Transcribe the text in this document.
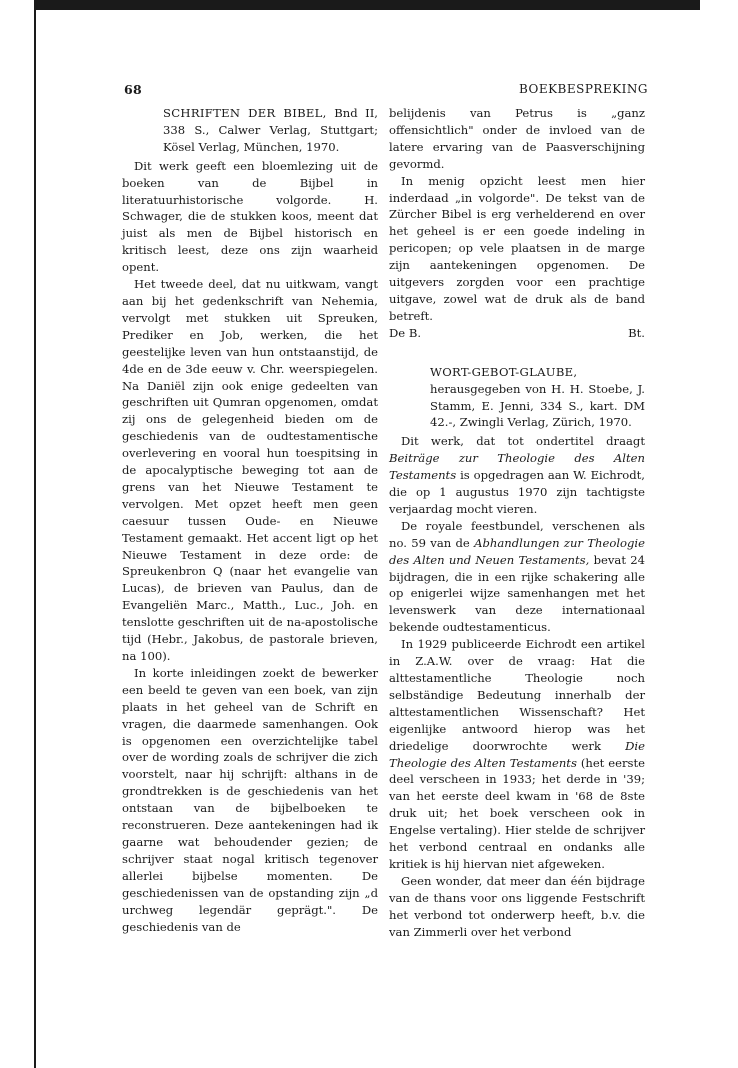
68	BOEKBESPREKING
SCHRIFTEN DER BIBEL, Bnd II, 338 S., Calwer Verlag, Stuttgart; Kösel Verlag, München, 1970.

Dit werk geeft een bloemlezing uit de boeken van de Bijbel in literatuurhistorische volgorde. H. Schwager, die de stukken koos, meent dat juist als men de Bijbel historisch en kritisch leest, deze ons zijn waarheid opent.

Het tweede deel, dat nu uitkwam, vangt aan bij het gedenkschrift van Nehemia, vervolgt met stukken uit Spreuken, Prediker en Job, werken, die het geestelijke leven van hun ontstaanstijd, de 4de en de 3de eeuw v. Chr. weerspiegelen. Na Daniël zijn ook enige gedeelten van geschriften uit Qumran opgenomen, omdat zij ons de gelegenheid bieden om de geschiedenis van de oudtestamentische overlevering en vooral hun toespitsing in de apocalyptische beweging tot aan de grens van het Nieuwe Testament te vervolgen. Met opzet heeft men geen caesuur tussen Oude- en Nieuwe Testament gemaakt. Het accent ligt op het Nieuwe Testament in deze orde: de Spreukenbron Q (naar het evangelie van Lucas), de brieven van Paulus, dan de Evangeliën Marc., Matth., Luc., Joh. en tenslotte geschriften uit de na-apostolische tijd (Hebr., Jakobus, de pastorale brieven, na 100).

In korte inleidingen zoekt de bewerker een beeld te geven van een boek, van zijn plaats in het geheel van de Schrift en vragen, die daarmede samenhangen. Ook is opgenomen een overzichtelijke tabel over de wording zoals de schrijver die zich voorstelt, naar hij schrijft: althans in de grondtrekken is de geschiedenis van het ontstaan van de bijbelboeken te reconstrueren. Deze aantekeningen had ik gaarne wat behoudender gezien; de schrijver staat nogal kritisch tegenover allerlei bijbelse momenten. De geschiedenissen van de opstanding zijn „d urchweg legendär geprägt.". De geschiedenis van de

belijdenis van Petrus is „ganz offensichtlich" onder de invloed van de latere ervaring van de Paasverschijning gevormd.

In menig opzicht leest men hier inderdaad „in volgorde". De tekst van de Zürcher Bibel is erg verhelderend en over het geheel is er een goede indeling in pericopen; op vele plaatsen in de marge zijn aantekeningen opgenomen. De uitgevers zorgden voor een prachtige uitgave, zowel wat de druk als de band betreft.

De B.	Bt.
WORT-GEBOT-GLAUBE, herausgegeben von H. H. Stoebe, J. Stamm, E. Jenni, 334 S., kart. DM 42.-, Zwingli Verlag, Zürich, 1970.

Dit werk, dat tot ondertitel draagt Beiträge zur Theologie des Alten Testaments is opgedragen aan W. Eichrodt, die op 1 augustus 1970 zijn tachtigste verjaardag mocht vieren.

De royale feestbundel, verschenen als no. 59 van de Abhandlungen zur Theologie des Alten und Neuen Testaments, bevat 24 bijdragen, die in een rijke schakering alle op enigerlei wijze samenhangen met het levenswerk van deze internationaal bekende oudtestamenticus.

In 1929 publiceerde Eichrodt een artikel in Z.A.W. over de vraag: Hat die alttestamentliche Theologie noch selbständige Bedeutung innerhalb der alttestamentlichen Wissenschaft? Het eigenlijke antwoord hierop was het driedelige doorwrochte werk Die Theologie des Alten Testaments (het eerste deel verscheen in 1933; het derde in '39; van het eerste deel kwam in '68 de 8ste druk uit; het boek verscheen ook in Engelse vertaling). Hier stelde de schrijver het verbond centraal en ondanks alle kritiek is hij hiervan niet afgeweken.

Geen wonder, dat meer dan één bijdrage van de thans voor ons liggende Festschrift het verbond tot onderwerp heeft, b.v. die van Zimmerli over het verbond
